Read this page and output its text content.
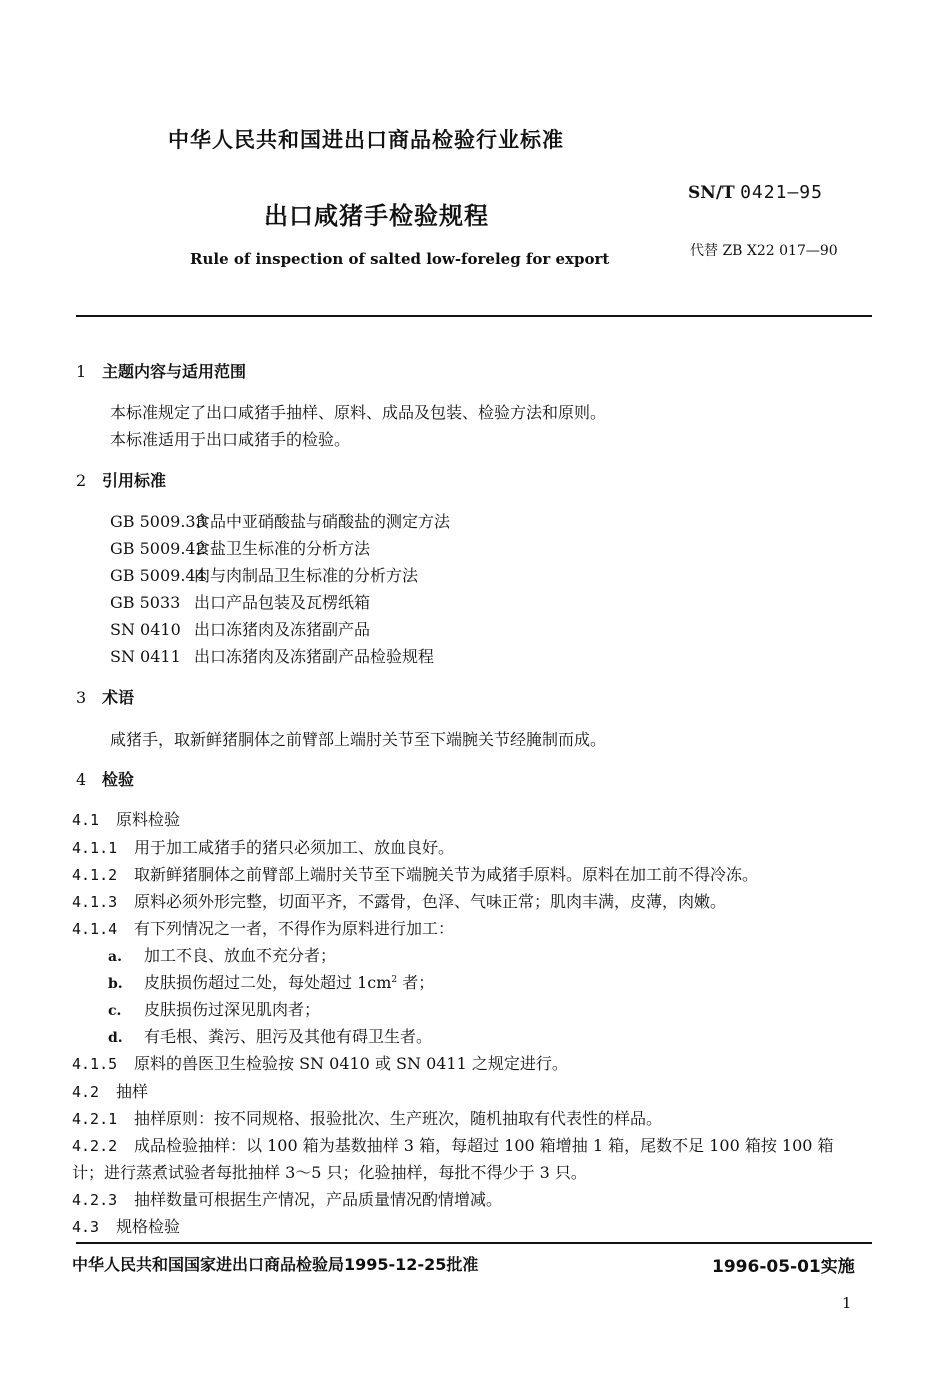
中华人民共和国进出口商品检验行业标准
出口咸猪手检验规程
SN/T 0421—95
Rule of inspection of salted low-foreleg for export	代替 ZB X22 017—90
1 主题内容与适用范围
本标准规定了出口咸猪手抽样、原料、成品及包装、检验方法和原则。
本标准适用于出口咸猪手的检验。
2 引用标准
GB 5009.33食品中亚硝酸盐与硝酸盐的测定方法
GB 5009.42食盐卫生标准的分析方法
GB 5009.44肉与肉制品卫生标准的分析方法
GB 5033 出口产品包装及瓦楞纸箱
SN 0410 出口冻猪肉及冻猪副产品
SN 0411 出口冻猪肉及冻猪副产品检验规程
3 术语
咸猪手，取新鲜猪胴体之前臂部上端肘关节至下端腕关节经腌制而成。
4 检验
4.1 原料检验
4.1.1 用于加工咸猪手的猪只必须加工、放血良好。
4.1.2 取新鲜猪胴体之前臂部上端肘关节至下端腕关节为咸猪手原料。原料在加工前不得冷冻。
4.1.3 原料必须外形完整，切面平齐，不露骨，色泽、气味正常；肌肉丰满，皮薄，肉嫩。
4.1.4 有下列情况之一者，不得作为原料进行加工：
a. 加工不良、放血不充分者；
b. 皮肤损伤超过二处，每处超过 $1cm^2$ 者；
c. 皮肤损伤过深见肌肉者；
d. 有毛根、粪污、胆污及其他有碍卫生者。
4.1.5 原料的兽医卫生检验按 SN 0410 或 SN 0411 之规定进行。
4.2 抽样
4.2.1 抽样原则：按不同规格、报验批次、生产班次，随机抽取有代表性的样品。
4.2.2 成品检验抽样：以 100 箱为基数抽样 3 箱，每超过 100 箱增抽 1 箱，尾数不足 100 箱按 100 箱
计；进行蒸煮试验者每批抽样 3～5 只；化验抽样，每批不得少于 3 只。
4.2.3 抽样数量可根据生产情况，产品质量情况酌情增减。
4.3 规格检验
中华人民共和国国家进出口商品检验局1995-12-25批准	1996-05-01实施
1
